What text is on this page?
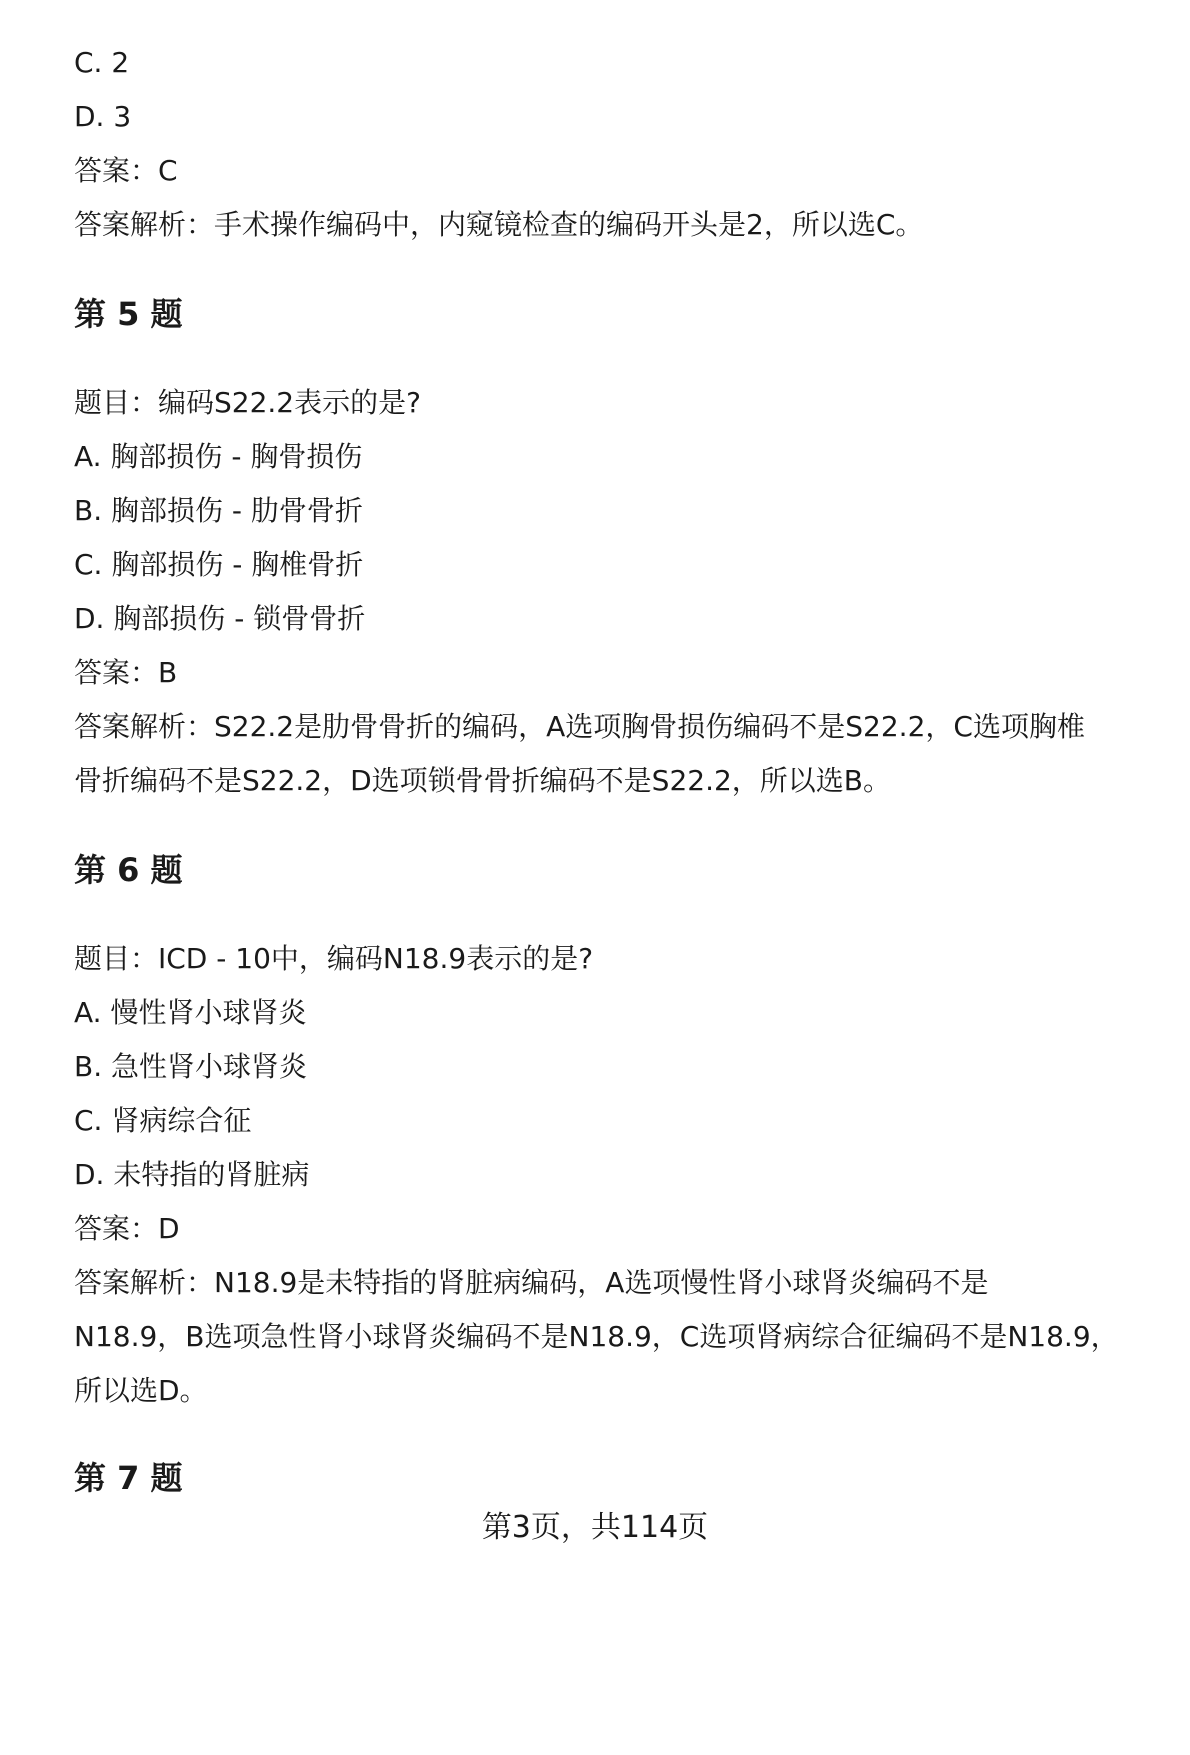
C. 2
D. 3
答案：C
答案解析：手术操作编码中，内窥镜检查的编码开头是2，所以选C。
第 5 题
题目：编码S22.2表示的是?
A. 胸部损伤 - 胸骨损伤
B. 胸部损伤 - 肋骨骨折
C. 胸部损伤 - 胸椎骨折
D. 胸部损伤 - 锁骨骨折
答案：B
答案解析：S22.2是肋骨骨折的编码，A选项胸骨损伤编码不是S22.2，C选项胸椎
骨折编码不是S22.2，D选项锁骨骨折编码不是S22.2，所以选B。
第 6 题
题目：ICD - 10中，编码N18.9表示的是?
A. 慢性肾小球肾炎
B. 急性肾小球肾炎
C. 肾病综合征
D. 未特指的肾脏病
答案：D
答案解析：N18.9是未特指的肾脏病编码，A选项慢性肾小球肾炎编码不是
N18.9，B选项急性肾小球肾炎编码不是N18.9，C选项肾病综合征编码不是N18.9，
所以选D。
第 7 题
第3页，共114页
